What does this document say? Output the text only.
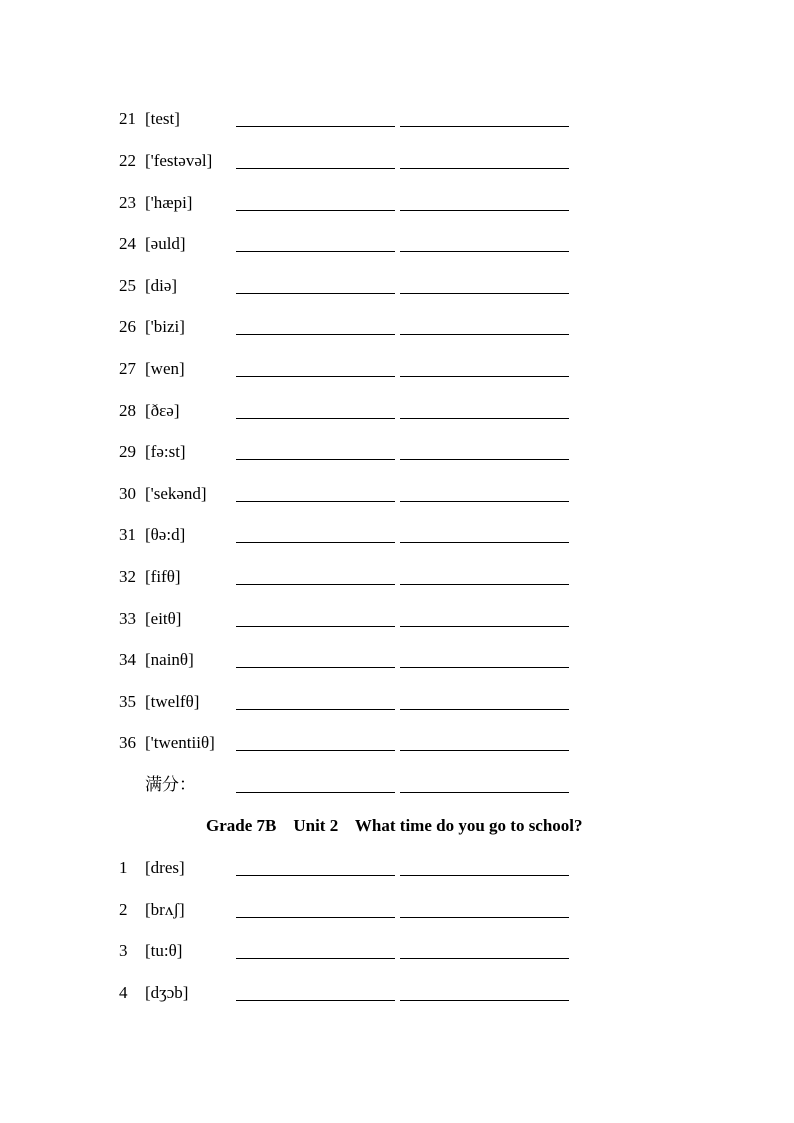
21 [test]
22 ['festəvəl]
23 ['hæpi]
24 [əuld]
25 [diə]
26 ['bizi]
27 [wen]
28 [ðɛə]
29 [fə:st]
30 ['sekənd]
31 [θə:d]
32 [fifθ]
33 [eitθ]
34 [nainθ]
35 [twelfθ]
36 ['twentiiθ]
满分：
Grade 7B    Unit 2    What time do you go to school?
1 [dres]
2 [brʌʃ]
3 [tu:θ]
4 [dʒɔb]
